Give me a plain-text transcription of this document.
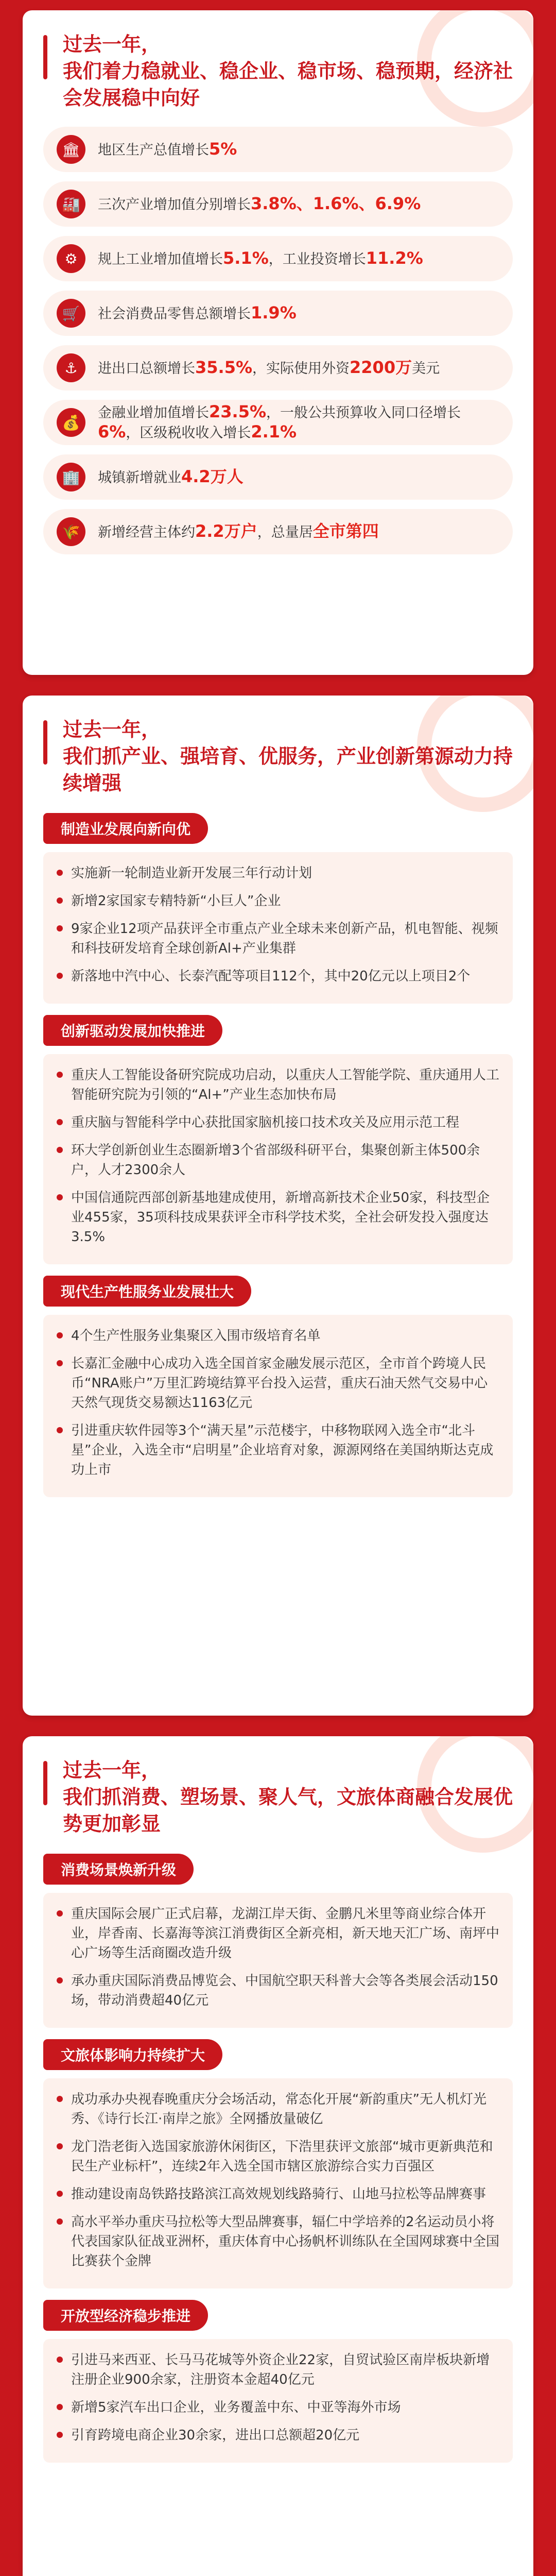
过去一年，

我们着力稳就业、稳企业、稳市场、稳预期，经济社会发展稳中向好

🏛	地区生产总值增长5%
🏭	三次产业增加值分别增长3.8%、1.6%、6.9%
⚙	规上工业增加值增长5.1%，工业投资增长11.2%
🛒	社会消费品零售总额增长1.9%
⚓	进出口总额增长35.5%，实际使用外资2200万美元
💰
金融业增加值增长23.5%，一般公共预算收入同口径增长6%，区级税收收入增长2.1%
🏢	城镇新增就业4.2万人
🌾	新增经营主体约2.2万户，总量居全市第四

过去一年，

我们抓产业、强培育、优服务，产业创新第源动力持续增强

制造业发展向新向优
实施新一轮制造业新开发展三年行动计划
新增2家国家专精特新“小巨人”企业
9家企业12项产品获评全市重点产业全球未来创新产品，机电智能、视频和科技研发培育全球创新Al+产业集群
新落地中汽中心、长泰汽配等项目112个，其中20亿元以上项目2个
创新驱动发展加快推进
重庆人工智能设备研究院成功启动，以重庆人工智能学院、重庆通用人工智能研究院为引领的“Al+”产业生态加快布局
重庆脑与智能科学中心获批国家脑机接口技术攻关及应用示范工程
环大学创新创业生态圈新增3个省部级科研平台，集聚创新主体500余户，人才2300余人
中国信通院西部创新基地建成使用，新增高新技术企业50家，科技型企业455家，35项科技成果获评全市科学技术奖，全社会研发投入强度达3.5%
现代生产性服务业发展壮大
4个生产性服务业集聚区入围市级培育名单
长嘉汇金融中心成功入选全国首家金融发展示范区，全市首个跨境人民币“NRA账户”万里汇跨境结算平台投入运营，重庆石油天然气交易中心天然气现货交易额达1163亿元
引进重庆软件园等3个“满天星”示范楼宇，中移物联网入选全市“北斗星”企业，入选全市“启明星”企业培育对象，源源网络在美国纳斯达克成功上市

过去一年，

我们抓消费、塑场景、聚人气，文旅体商融合发展优势更加彰显

消费场景焕新升级
重庆国际会展广正式启幕，龙湖江岸天街、金鹏凡米里等商业综合体开业，岸香南、长嘉海等滨江消费街区全新亮相，新天地天汇广场、南坪中心广场等生活商圈改造升级
承办重庆国际消费品博览会、中国航空职天科普大会等各类展会活动150场，带动消费超40亿元
文旅体影响力持续扩大
成功承办央视春晚重庆分会场活动，常态化开展“新韵重庆”无人机灯光秀、《诗行长江·南岸之旅》全网播放量破亿
龙门浩老街入选国家旅游休闲街区，下浩里获评文旅部“城市更新典范和民生产业标杆”，连续2年入选全国市辖区旅游综合实力百强区
推动建设南岛铁路技路滨江高效规划线路骑行、山地马拉松等品牌赛事
高水平举办重庆马拉松等大型品牌赛事，辐仁中学培养的2名运动员小将代表国家队征战亚洲杯，重庆体育中心扬帆杯训练队在全国网球赛中全国比赛获个金牌
开放型经济稳步推进
引进马来西亚、长马马花城等外资企业22家，自贸试验区南岸板块新增注册企业900余家，注册资本金超40亿元
新增5家汽车出口企业，业务覆盖中东、中亚等海外市场
引育跨境电商企业30余家，进出口总额超20亿元
